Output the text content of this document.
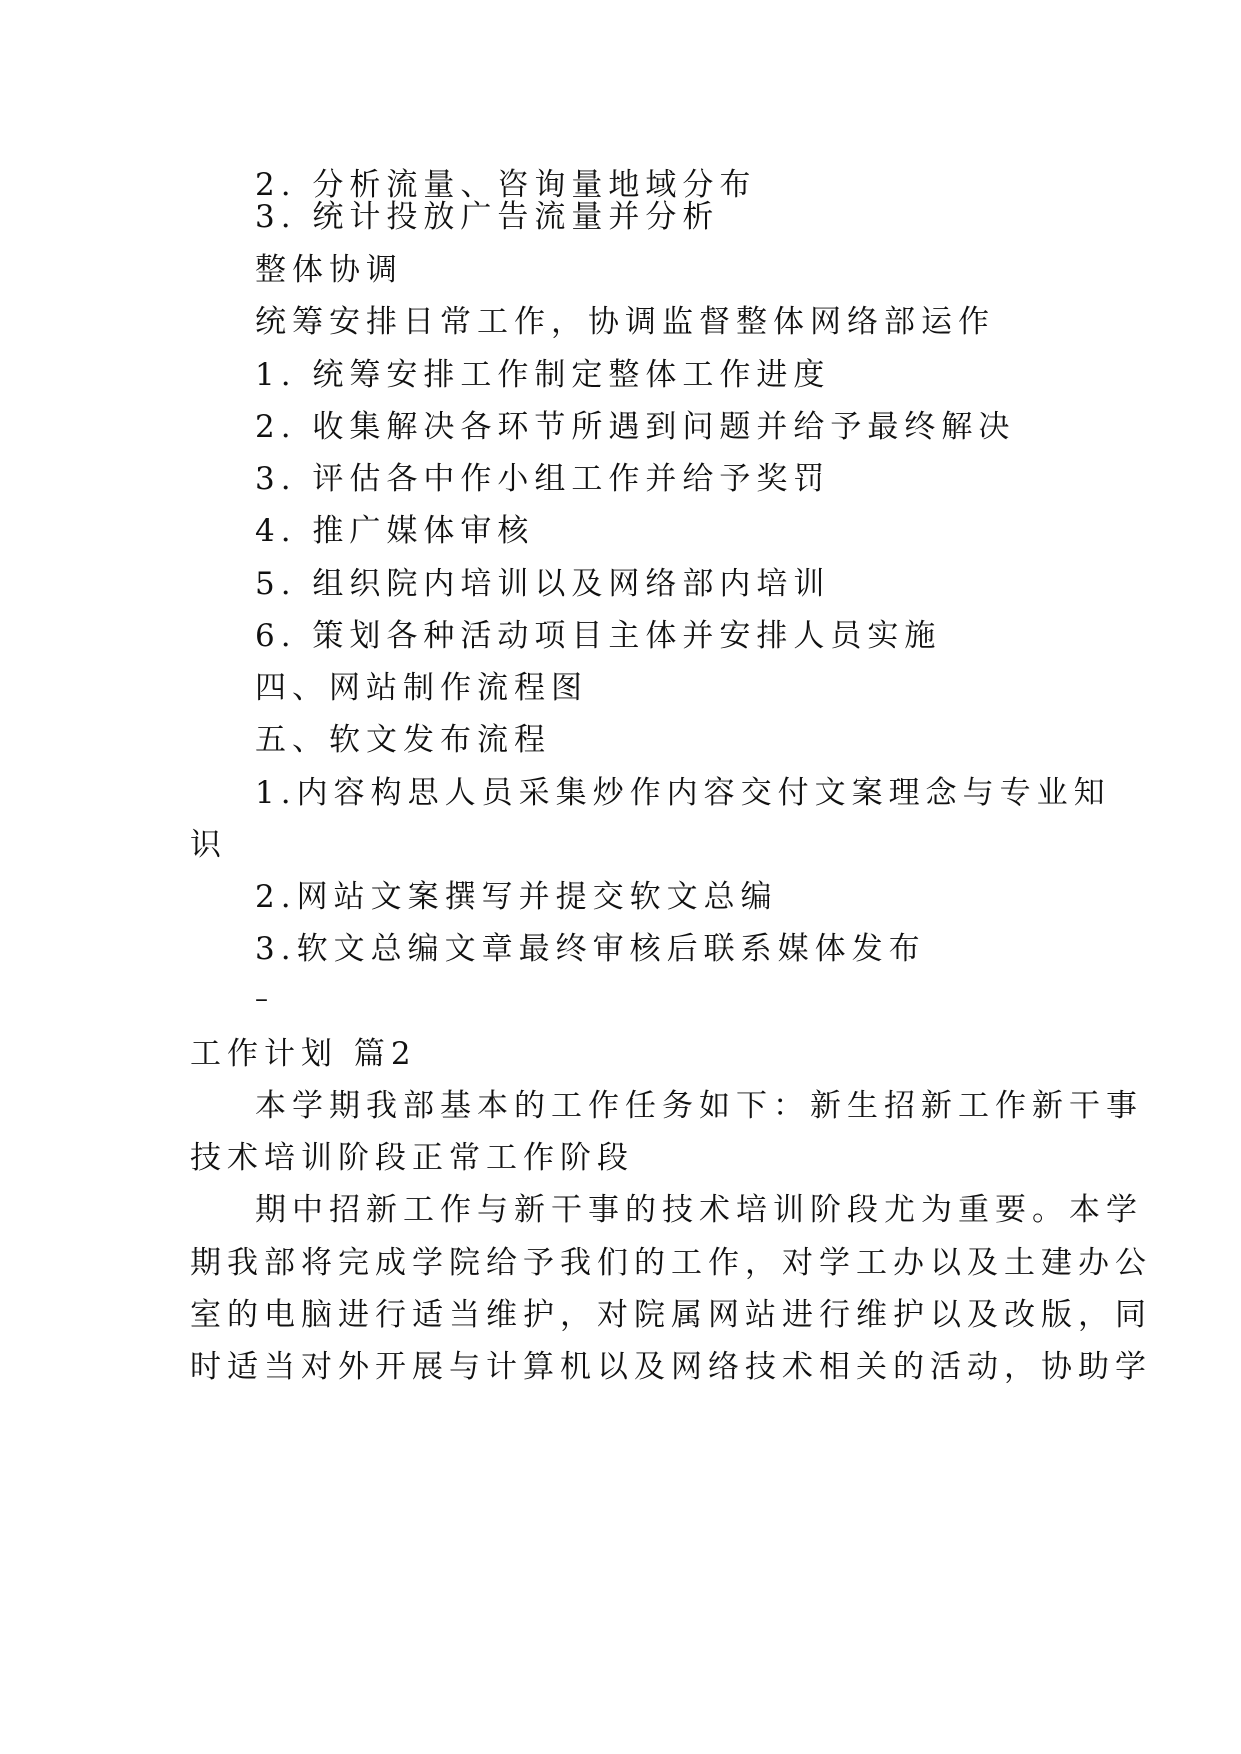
2. 分析流量、咨询量地域分布
3. 统计投放广告流量并分析
整体协调
统筹安排日常工作，协调监督整体网络部运作
1. 统筹安排工作制定整体工作进度
2. 收集解决各环节所遇到问题并给予最终解决
3. 评估各中作小组工作并给予奖罚
4. 推广媒体审核
5. 组织院内培训以及网络部内培训
6. 策划各种活动项目主体并安排人员实施
四、网站制作流程图
五、软文发布流程
1.内容构思人员采集炒作内容交付文案理念与专业知
识
2.网站文案撰写并提交软文总编
3.软文总编文章最终审核后联系媒体发布
–
工作计划 篇2
本学期我部基本的工作任务如下：新生招新工作新干事
技术培训阶段正常工作阶段
期中招新工作与新干事的技术培训阶段尤为重要。本学
期我部将完成学院给予我们的工作，对学工办以及土建办公
室的电脑进行适当维护，对院属网站进行维护以及改版，同
时适当对外开展与计算机以及网络技术相关的活动，协助学
